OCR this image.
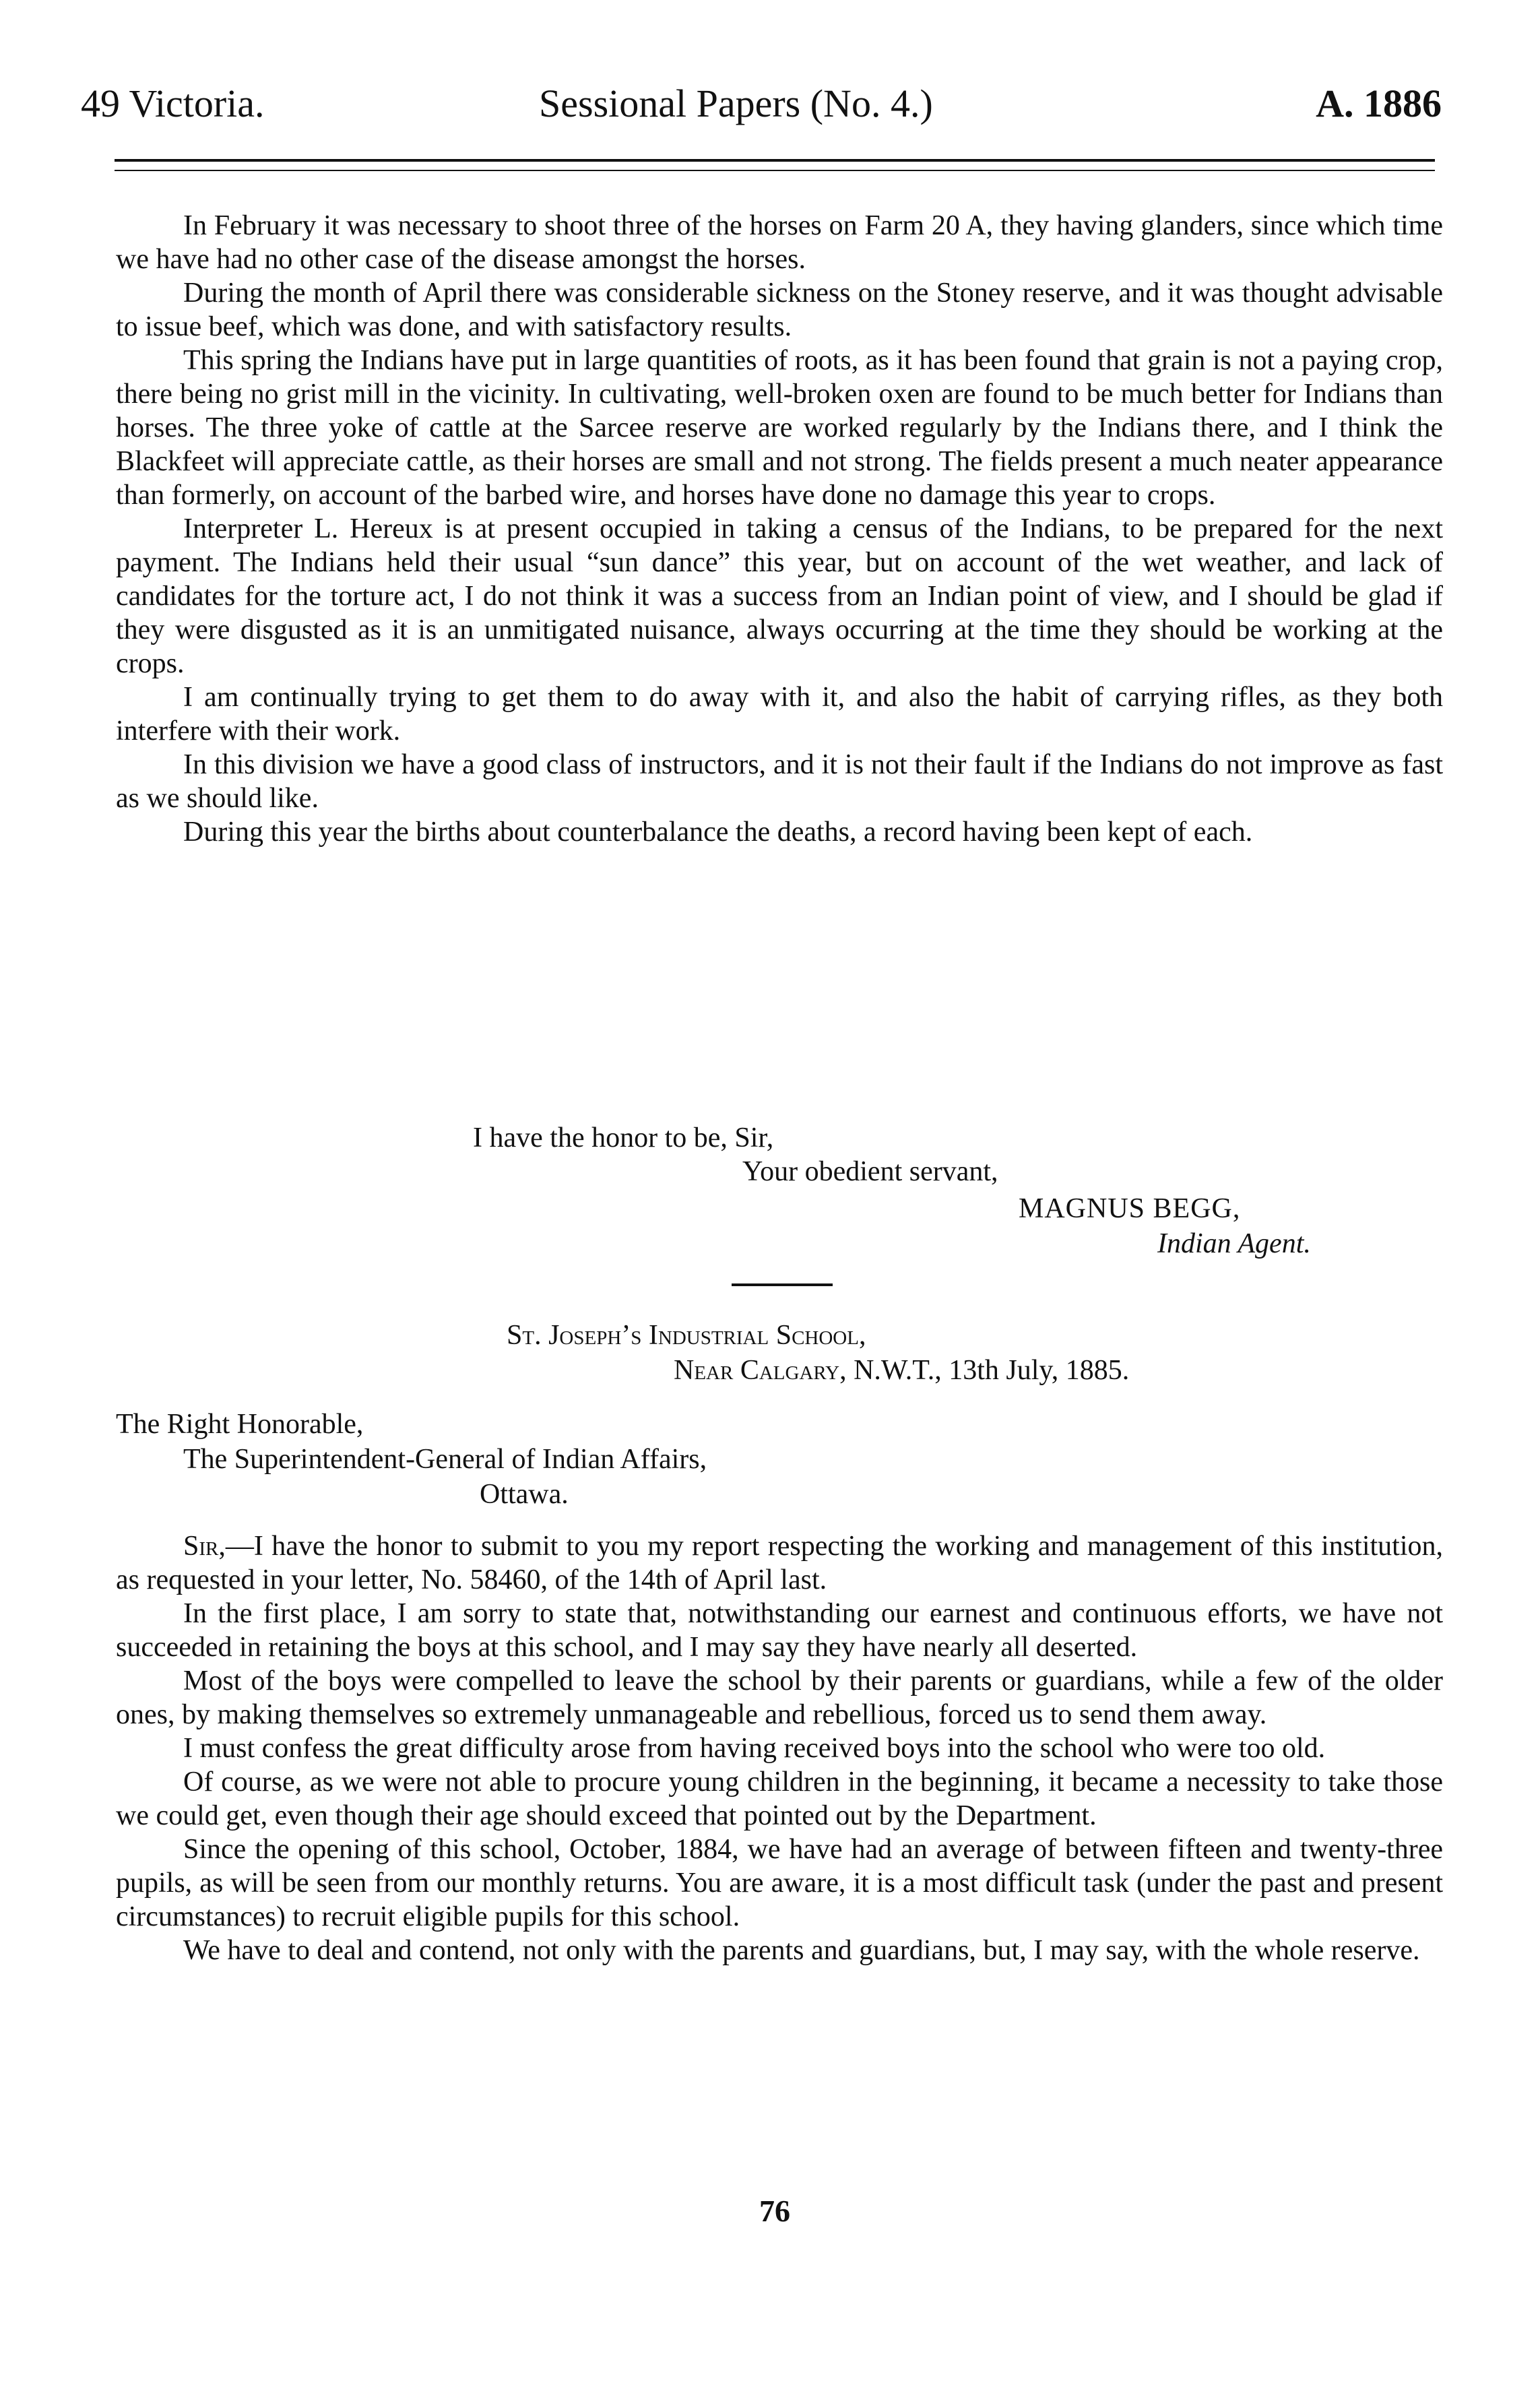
49 Victoria.	Sessional Papers (No. 4.)	A. 1886

In February it was necessary to shoot three of the horses on Farm 20 A, they having glanders, since which time we have had no other case of the disease amongst the horses.

During the month of April there was considerable sickness on the Stoney reserve, and it was thought advisable to issue beef, which was done, and with satisfactory results.

This spring the Indians have put in large quantities of roots, as it has been found that grain is not a paying crop, there being no grist mill in the vicinity. In cultivating, well-broken oxen are found to be much better for Indians than horses. The three yoke of cattle at the Sarcee reserve are worked regularly by the Indians there, and I think the Blackfeet will appreciate cattle, as their horses are small and not strong. The fields present a much neater appearance than formerly, on account of the barbed wire, and horses have done no damage this year to crops.

Interpreter L. Hereux is at present occupied in taking a census of the Indians, to be prepared for the next payment. The Indians held their usual “sun dance” this year, but on account of the wet weather, and lack of candidates for the torture act, I do not think it was a success from an Indian point of view, and I should be glad if they were disgusted as it is an unmitigated nuisance, always occurring at the time they should be working at the crops.

I am continually trying to get them to do away with it, and also the habit of carrying rifles, as they both interfere with their work.

In this division we have a good class of instructors, and it is not their fault if the Indians do not improve as fast as we should like.

During this year the births about counterbalance the deaths, a record having been kept of each.

I have the honor to be, Sir,
Your obedient servant,
MAGNUS BEGG,
Indian Agent.
St. Joseph’s Industrial School,
Near Calgary, N.W.T., 13th July, 1885.
The Right Honorable,
The Superintendent-General of Indian Affairs,
Ottawa.

Sir,—I have the honor to submit to you my report respecting the working and management of this institution, as requested in your letter, No. 58460, of the 14th of April last.

In the first place, I am sorry to state that, notwithstanding our earnest and continuous efforts, we have not succeeded in retaining the boys at this school, and I may say they have nearly all deserted.

Most of the boys were compelled to leave the school by their parents or guardians, while a few of the older ones, by making themselves so extremely unmanageable and rebellious, forced us to send them away.

I must confess the great difficulty arose from having received boys into the school who were too old.

Of course, as we were not able to procure young children in the beginning, it became a necessity to take those we could get, even though their age should exceed that pointed out by the Department.

Since the opening of this school, October, 1884, we have had an average of between fifteen and twenty-three pupils, as will be seen from our monthly returns. You are aware, it is a most difficult task (under the past and present circumstances) to recruit eligible pupils for this school.

We have to deal and contend, not only with the parents and guardians, but, I may say, with the whole reserve.

76
